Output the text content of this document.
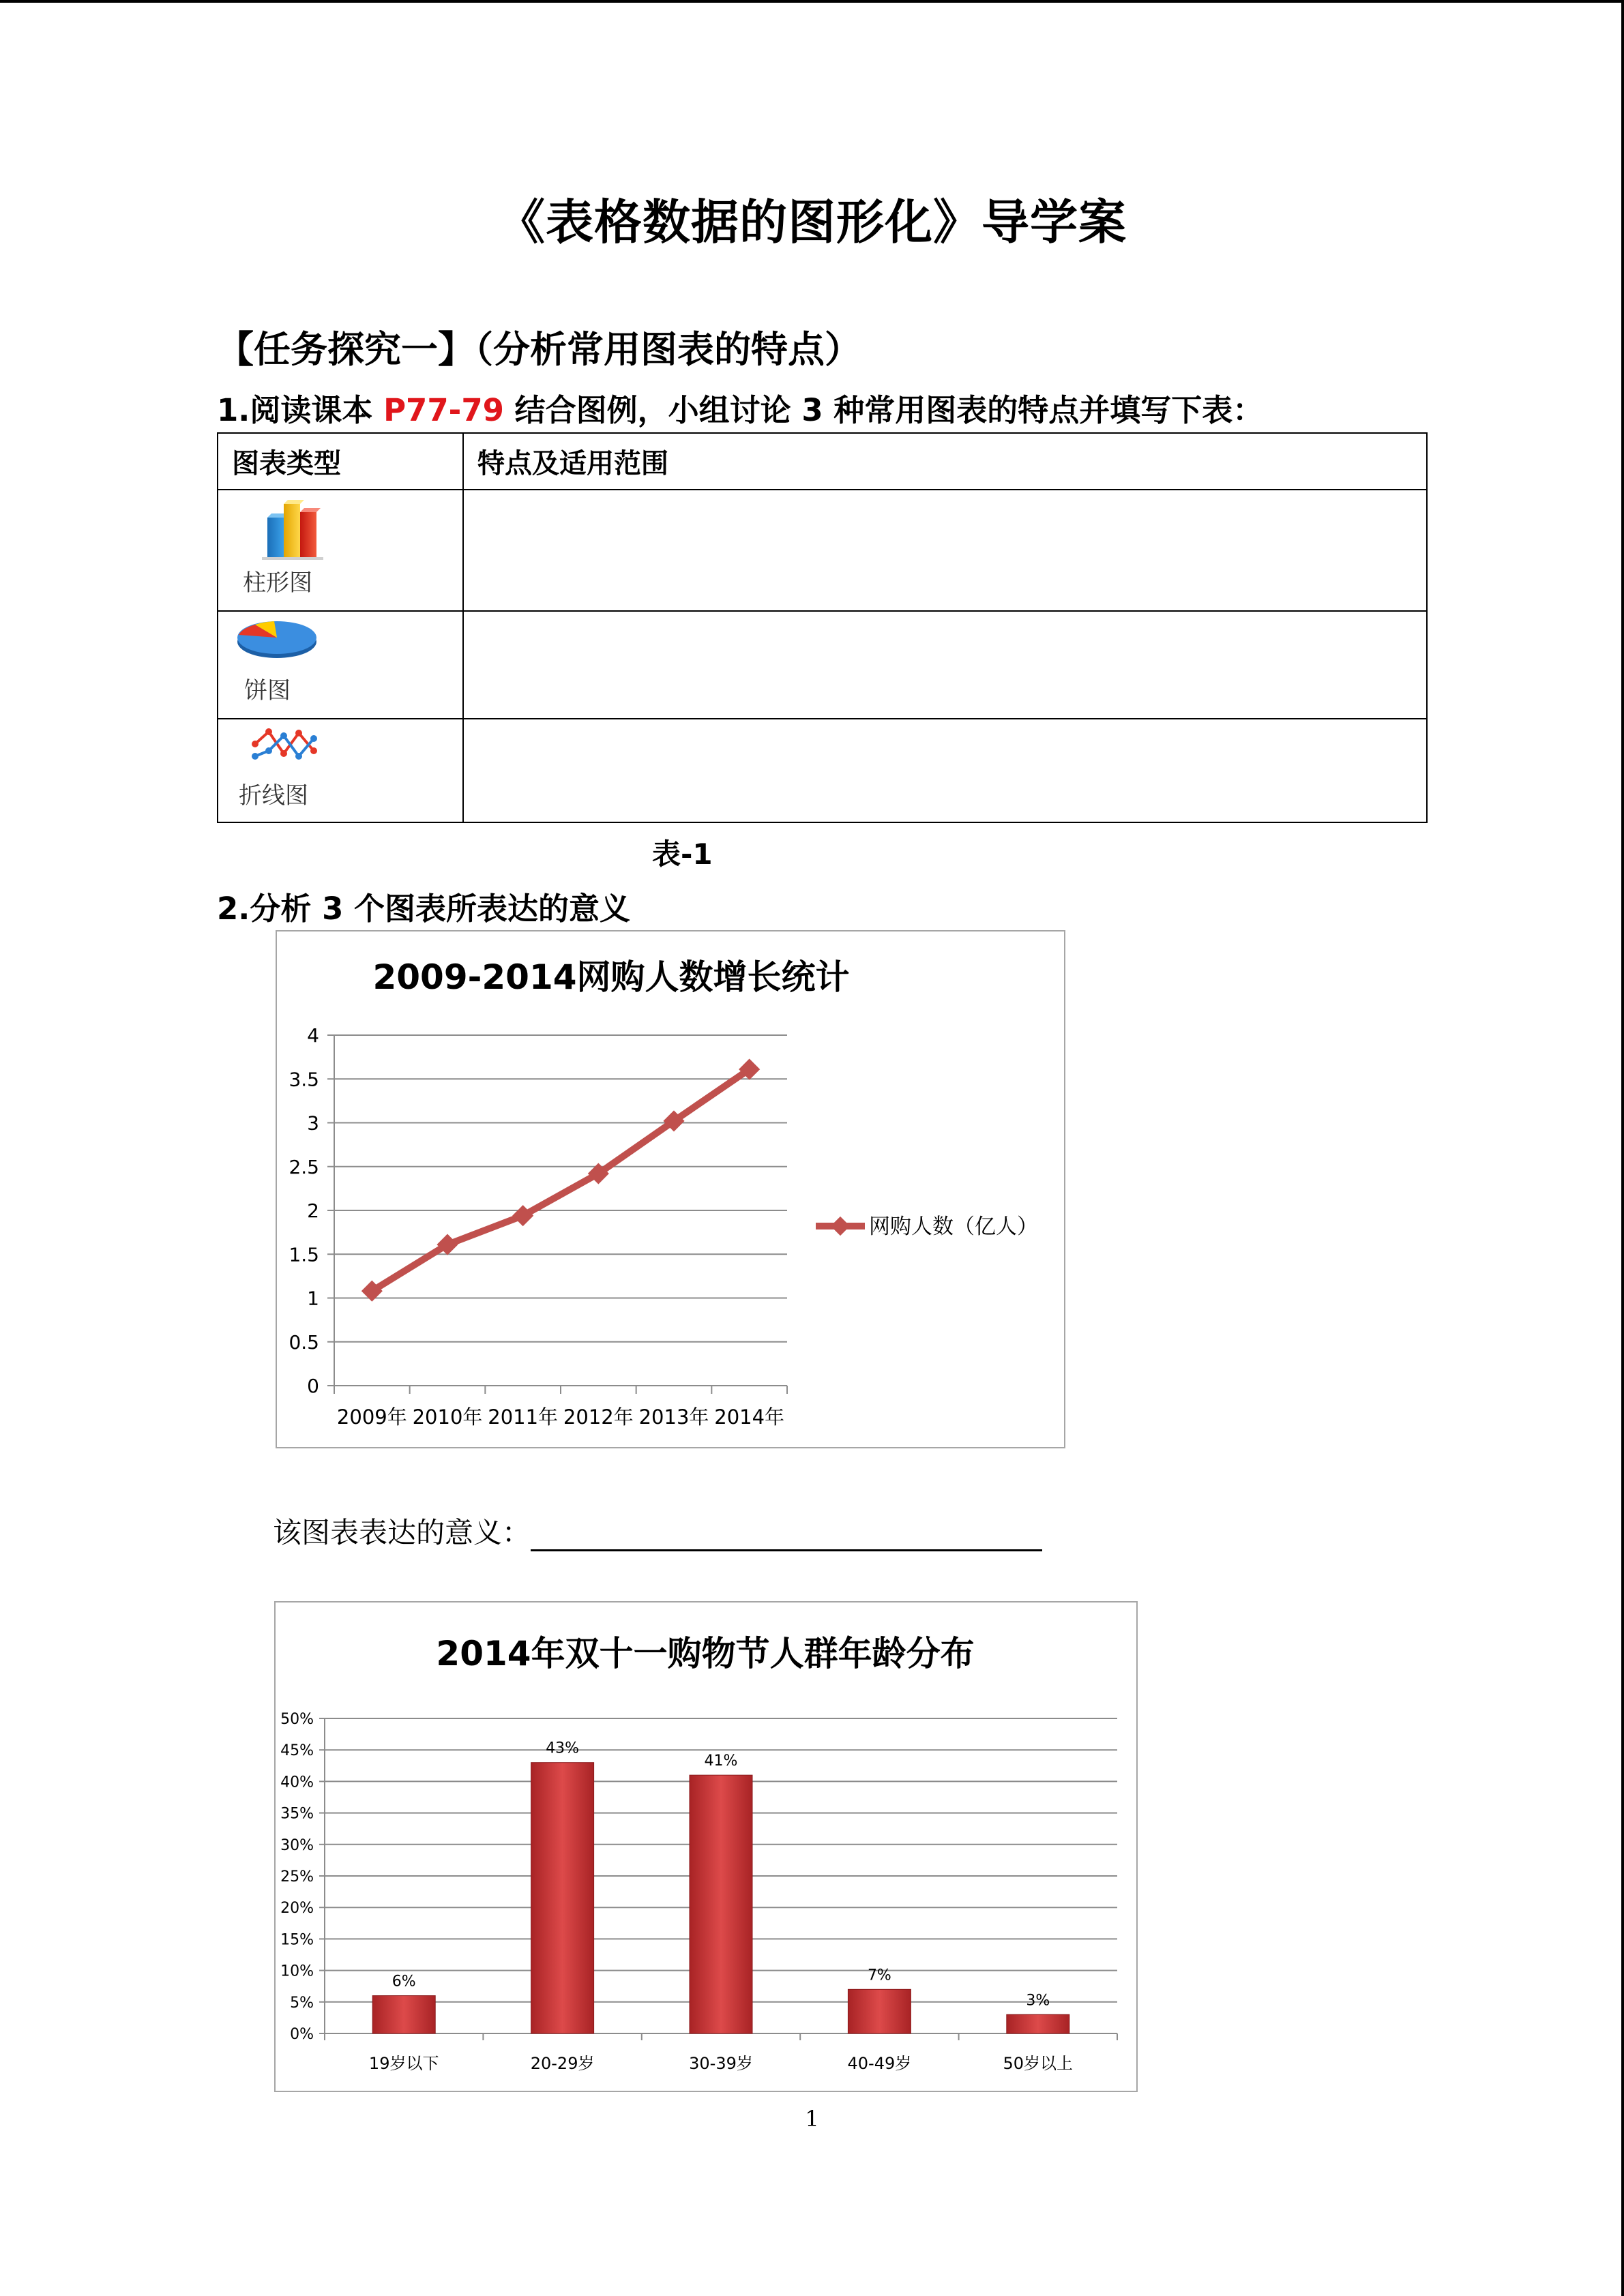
《表格数据的图形化》导学案
【任务探究一】（分析常用图表的特点）
1.阅读课本 P77-79 结合图例，小组讨论 3 种常用图表的特点并填写下表：
图表类型	特点及适用范围

柱形图	

饼图	

折线图	

表-1
2.分析 3 个图表所表达的意义
2009-2014网购人数增长统计
0
0.5
1
1.5
2
2.5
3
3.5
4
2009年 2010年 2011年 2012年 2013年 2014年
网购人数（亿人）
该图表表达的意义：
2014年双十一购物节人群年龄分布
0%
5%
10%
15%
20%
25%
30%
35%
40%
45%
50%
6%
19岁以下
43%
20-29岁
41%
30-39岁
7%
40-49岁
3%
50岁以上
1
